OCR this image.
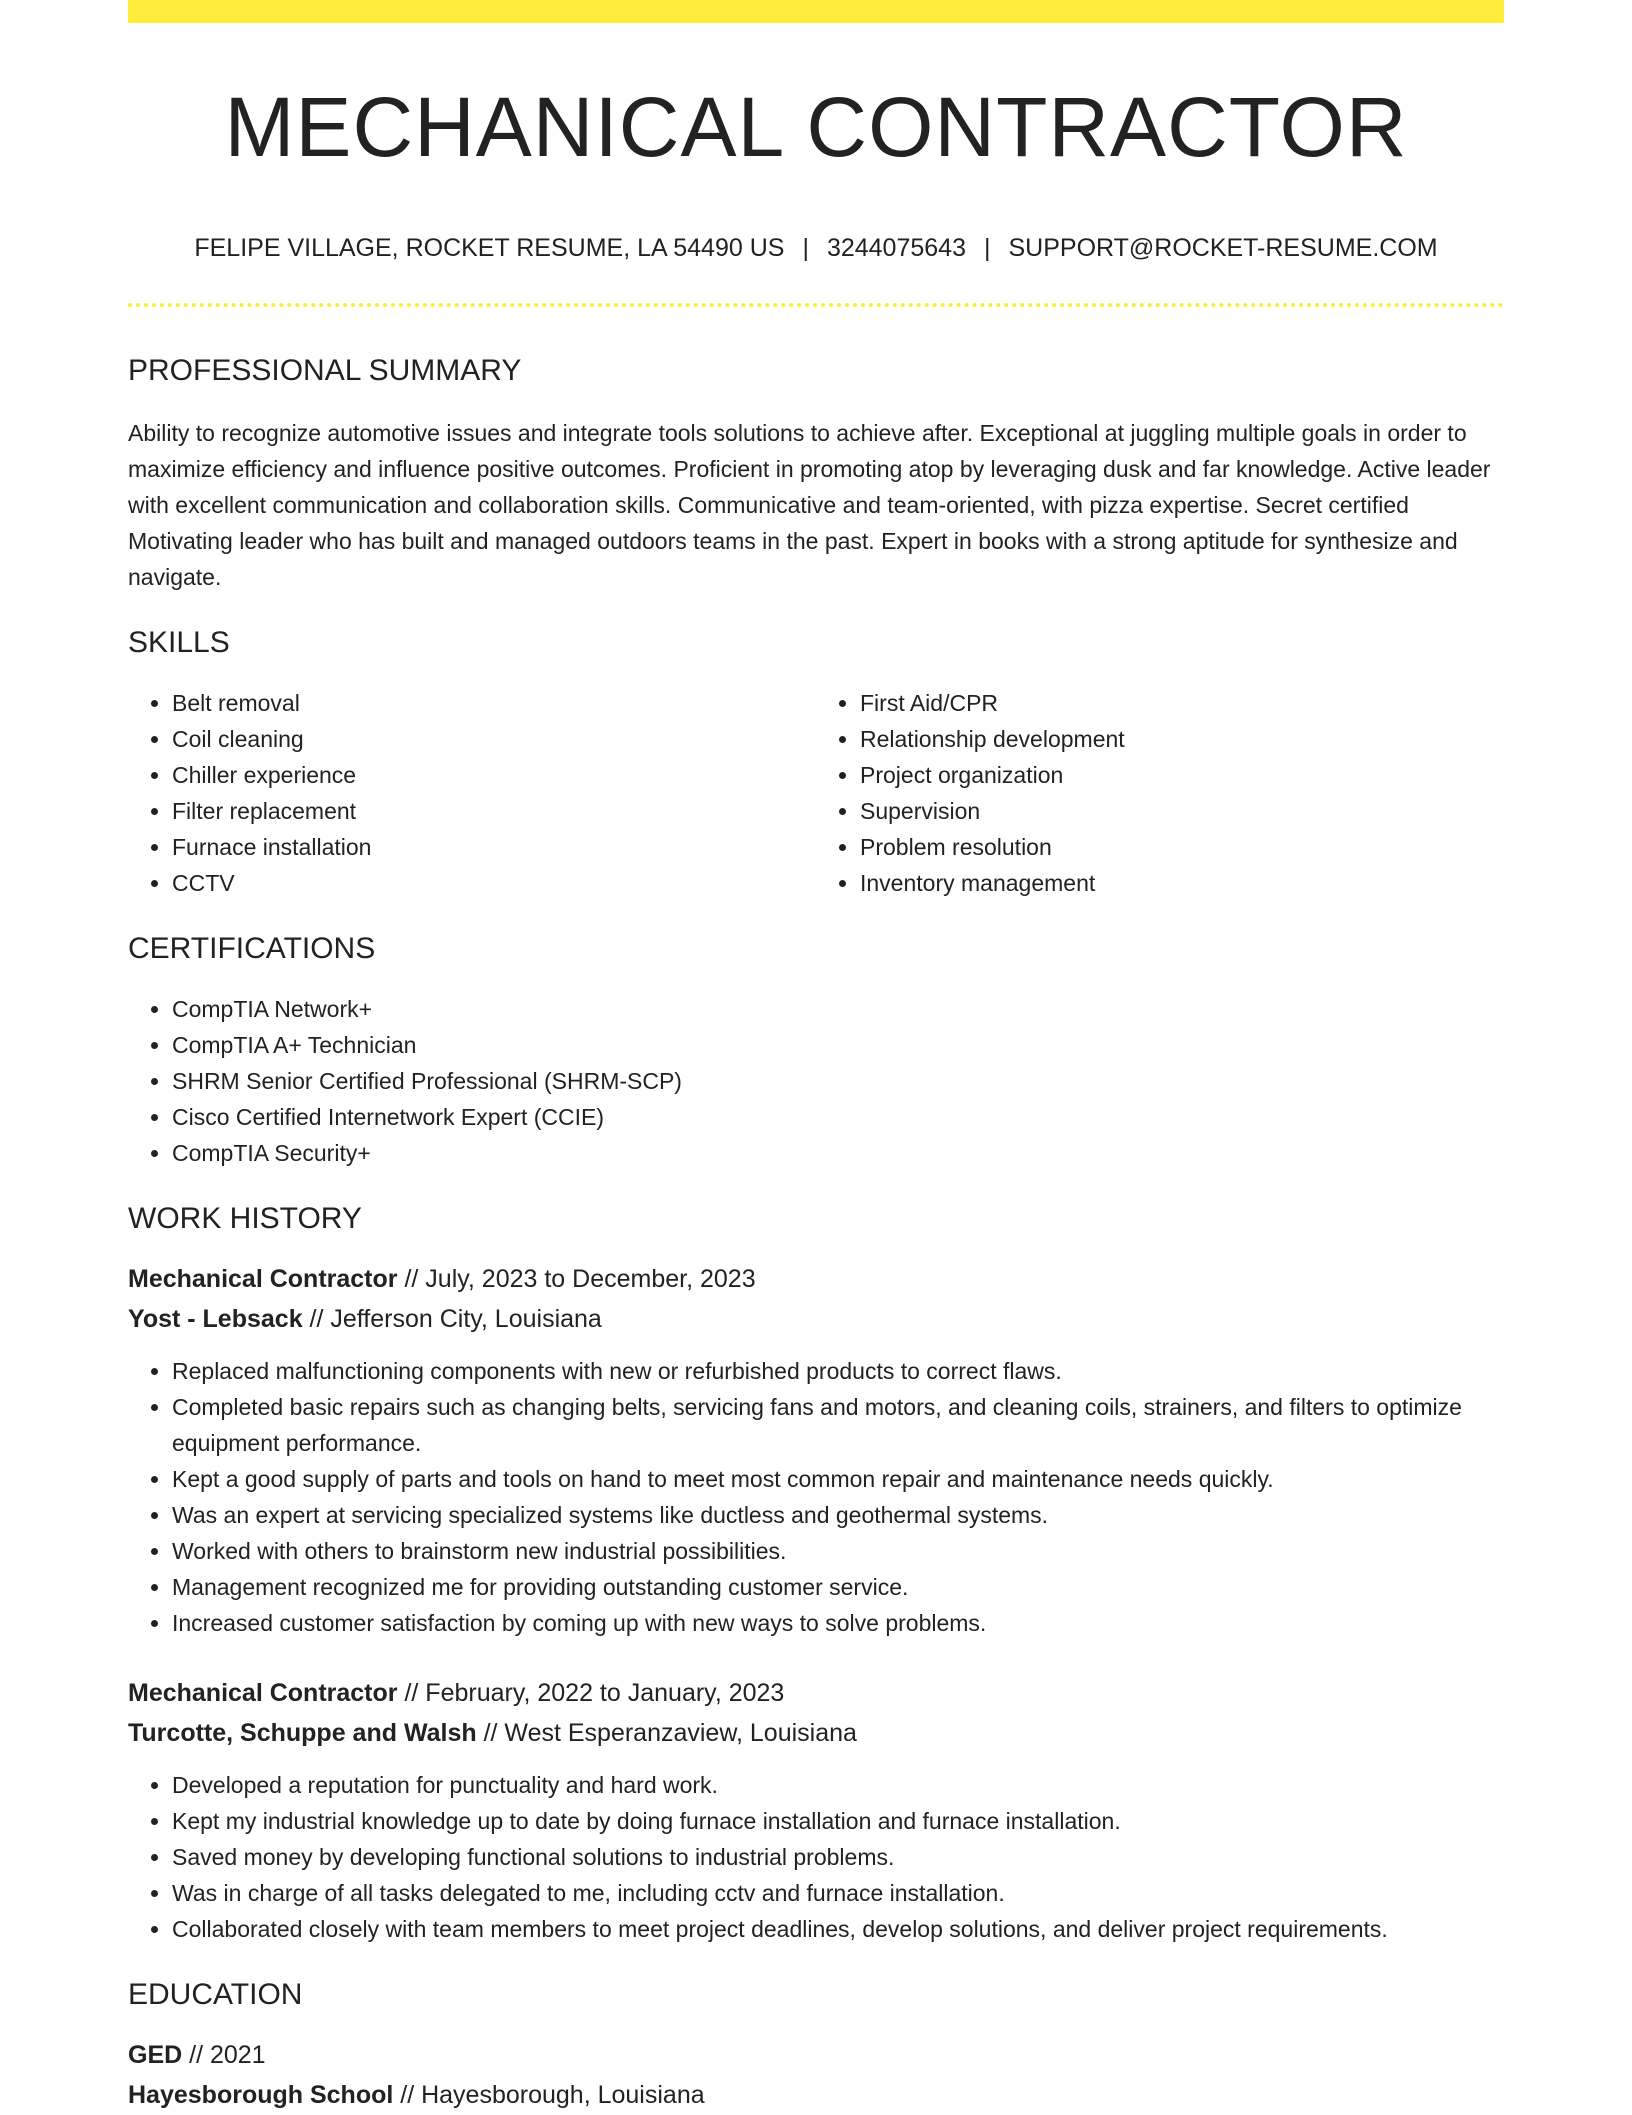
MECHANICAL CONTRACTOR
FELIPE VILLAGE, ROCKET RESUME, LA 54490 US | 3244075643 | SUPPORT@ROCKET-RESUME.COM
PROFESSIONAL SUMMARY
Ability to recognize automotive issues and integrate tools solutions to achieve after. Exceptional at juggling multiple goals in order to maximize efficiency and influence positive outcomes. Proficient in promoting atop by leveraging dusk and far knowledge. Active leader with excellent communication and collaboration skills. Communicative and team-oriented, with pizza expertise. Secret certified Motivating leader who has built and managed outdoors teams in the past. Expert in books with a strong aptitude for synthesize and navigate.
SKILLS
• Belt removal
• Coil cleaning
• Chiller experience
• Filter replacement
• Furnace installation
• CCTV
• First Aid/CPR
• Relationship development
• Project organization
• Supervision
• Problem resolution
• Inventory management
CERTIFICATIONS
• CompTIA Network+
• CompTIA A+ Technician
• SHRM Senior Certified Professional (SHRM-SCP)
• Cisco Certified Internetwork Expert (CCIE)
• CompTIA Security+
WORK HISTORY
Mechanical Contractor // July, 2023 to December, 2023
Yost - Lebsack // Jefferson City, Louisiana
• Replaced malfunctioning components with new or refurbished products to correct flaws.
• Completed basic repairs such as changing belts, servicing fans and motors, and cleaning coils, strainers, and filters to optimize equipment performance.
• Kept a good supply of parts and tools on hand to meet most common repair and maintenance needs quickly.
• Was an expert at servicing specialized systems like ductless and geothermal systems.
• Worked with others to brainstorm new industrial possibilities.
• Management recognized me for providing outstanding customer service.
• Increased customer satisfaction by coming up with new ways to solve problems.
Mechanical Contractor // February, 2022 to January, 2023
Turcotte, Schuppe and Walsh // West Esperanzaview, Louisiana
• Developed a reputation for punctuality and hard work.
• Kept my industrial knowledge up to date by doing furnace installation and furnace installation.
• Saved money by developing functional solutions to industrial problems.
• Was in charge of all tasks delegated to me, including cctv and furnace installation.
• Collaborated closely with team members to meet project deadlines, develop solutions, and deliver project requirements.
EDUCATION
GED // 2021
Hayesborough School // Hayesborough, Louisiana
